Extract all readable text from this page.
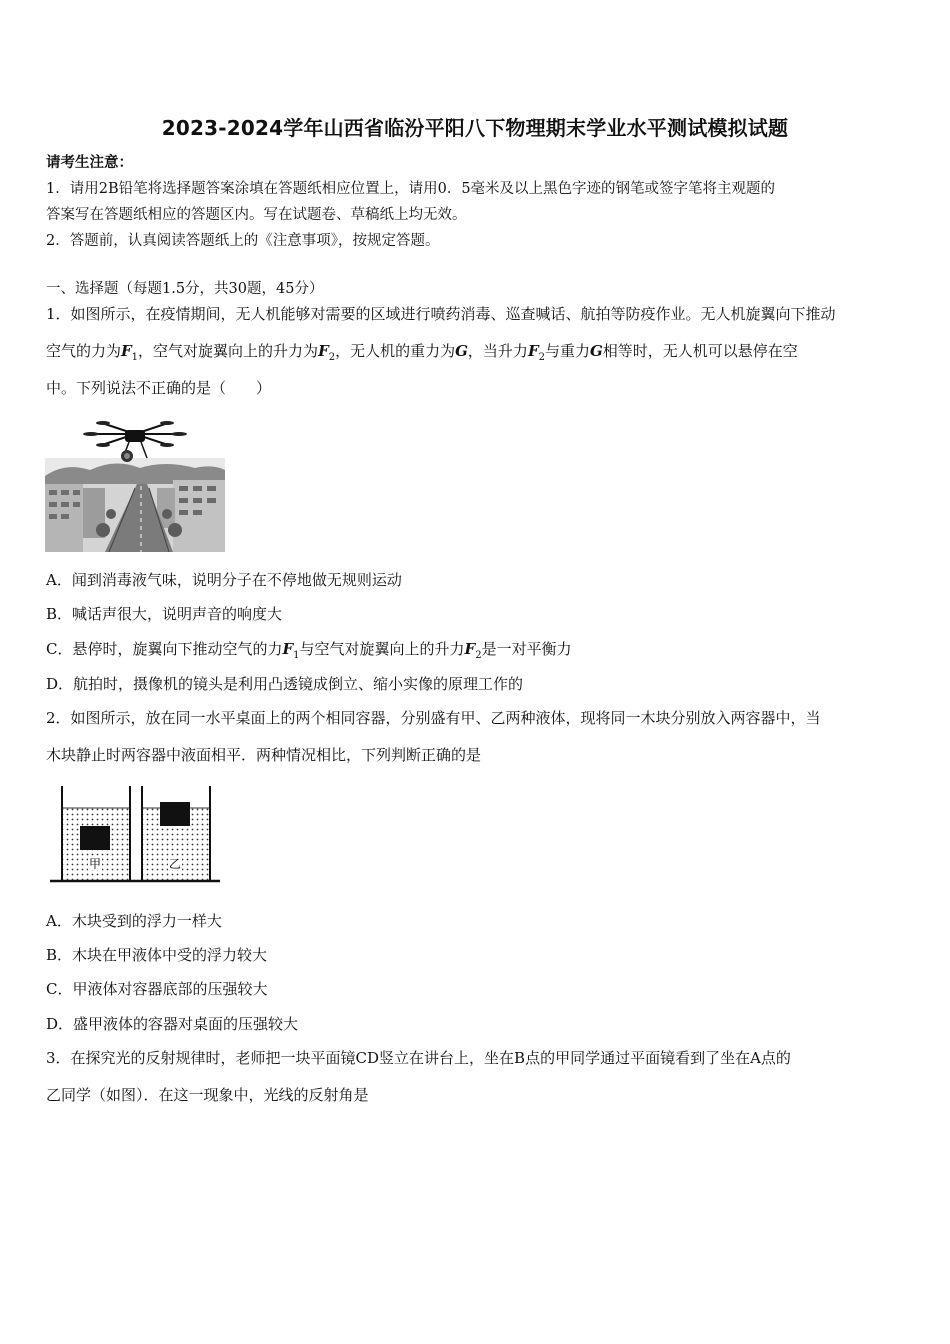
2023-2024学年山西省临汾平阳八下物理期末学业水平测试模拟试题
请考生注意：
1．请用2B铅笔将选择题答案涂填在答题纸相应位置上，请用0．5毫米及以上黑色字迹的钢笔或签字笔将主观题的
答案写在答题纸相应的答题区内。写在试题卷、草稿纸上均无效。
2．答题前，认真阅读答题纸上的《注意事项》，按规定答题。
一、选择题（每题1.5分，共30题，45分）
1．如图所示，在疫情期间，无人机能够对需要的区域进行喷药消毒、巡查喊话、航拍等防疫作业。无人机旋翼向下推动
空气的力为$F_1$，空气对旋翼向上的升力为$F_2$，无人机的重力为G，当升力$F_2$与重力G相等时，无人机可以悬停在空
中。下列说法不正确的是（　　）
A．闻到消毒液气味，说明分子在不停地做无规则运动
B．喊话声很大，说明声音的响度大
C．悬停时，旋翼向下推动空气的力$F_1$与空气对旋翼向上的升力$F_2$是一对平衡力
D．航拍时，摄像机的镜头是利用凸透镜成倒立、缩小实像的原理工作的
2．如图所示，放在同一水平桌面上的两个相同容器，分别盛有甲、乙两种液体，现将同一木块分别放入两容器中，当
木块静止时两容器中液面相平．两种情况相比，下列判断正确的是
甲	乙
A．木块受到的浮力一样大
B．木块在甲液体中受的浮力较大
C．甲液体对容器底部的压强较大
D．盛甲液体的容器对桌面的压强较大
3．在探究光的反射规律时，老师把一块平面镜CD竖立在讲台上，坐在B点的甲同学通过平面镜看到了坐在A点的
乙同学（如图）．在这一现象中，光线的反射角是
